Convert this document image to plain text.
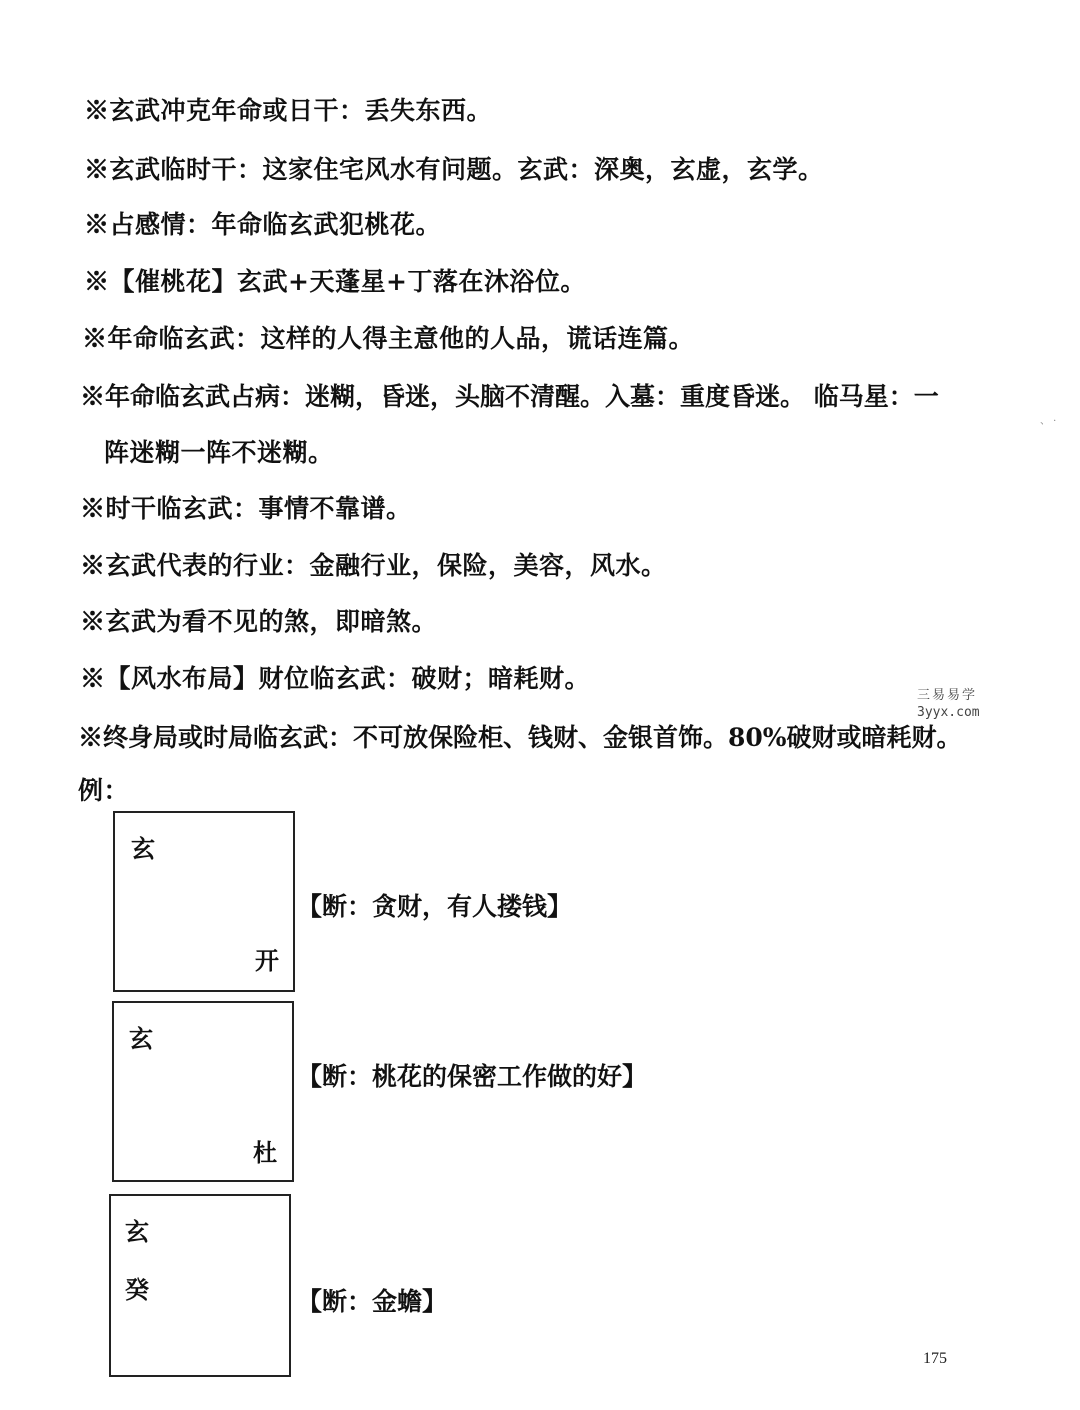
※玄武冲克年命或日干：丢失东西。
※玄武临时干：这家住宅风水有问题。玄武：深奥，玄虚，玄学。
※占感情：年命临玄武犯桃花。
※【催桃花】玄武+天蓬星+丁落在沐浴位。
※年命临玄武：这样的人得主意他的人品，谎话连篇。
※年命临玄武占病：迷糊，昏迷，头脑不清醒。入墓：重度昏迷。 临马星：一
阵迷糊一阵不迷糊。
※时干临玄武：事情不靠谱。
※玄武代表的行业：金融行业，保险，美容，风水。
※玄武为看不见的煞，即暗煞。
※【风水布局】财位临玄武：破财；暗耗财。
※终身局或时局临玄武：不可放保险柜、钱财、金银首饰。80%破财或暗耗财。
例：
玄
开
【断：贪财，有人搂钱】
玄
杜
【断：桃花的保密工作做的好】
玄
癸	【断：金蟾】
三易易学
3yyx.com
、 ·
175
